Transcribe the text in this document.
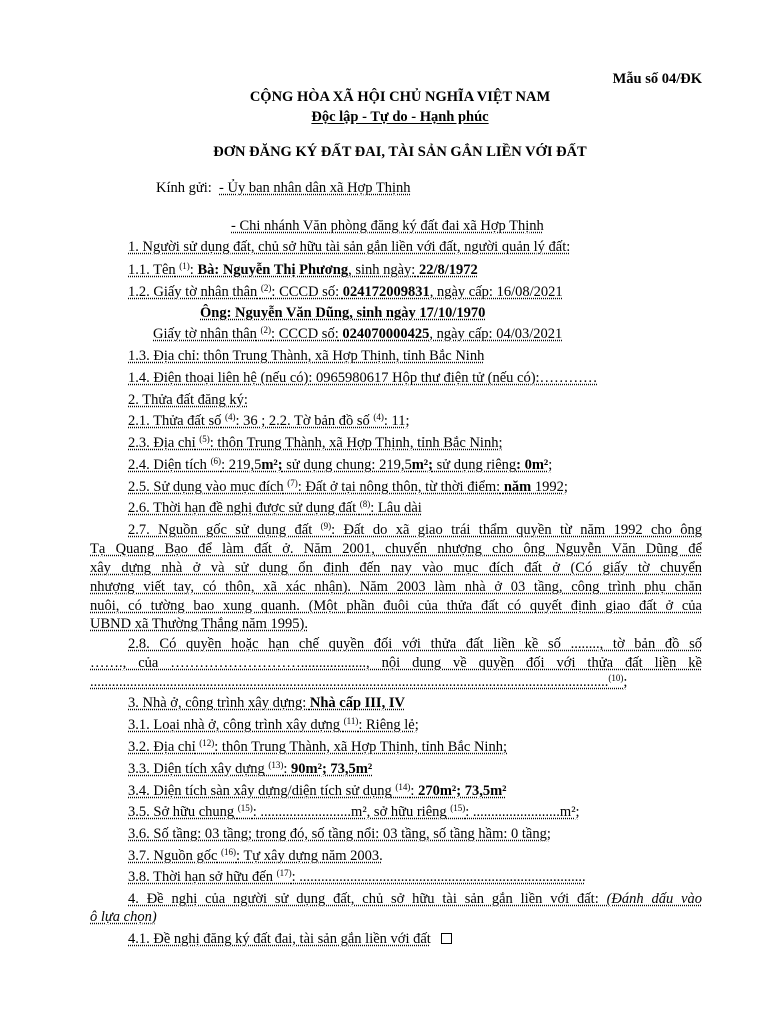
Mẫu số 04/ĐK
CỘNG HÒA XÃ HỘI CHỦ NGHĨA VIỆT NAM
Độc lập - Tự do - Hạnh phúc
ĐƠN ĐĂNG KÝ ĐẤT ĐAI, TÀI SẢN GẮN LIỀN VỚI ĐẤT
Kính gửi: - Ủy ban nhân dân xã Hợp Thịnh
- Chi nhánh Văn phòng đăng ký đất đai xã Hợp Thịnh
1. Người sử dụng đất, chủ sở hữu tài sản gắn liền với đất, người quản lý đất:
1.1. Tên $^{(1)}$: Bà: Nguyễn Thị Phương, sinh ngày: 22/8/1972
1.2. Giấy tờ nhân thân $^{(2)}$: CCCD số: 024172009831, ngày cấp: 16/08/2021
Ông: Nguyễn Văn Dũng, sinh ngày 17/10/1970
Giấy tờ nhân thân $^{(2)}$: CCCD số: 024070000425, ngày cấp: 04/03/2021
1.3. Địa chỉ: thôn Trung Thành, xã Hợp Thịnh, tỉnh Bắc Ninh
1.4. Điện thoại liên hệ (nếu có): 0965980617 Hộp thư điện tử (nếu có):…………
2. Thửa đất đăng ký:
2.1. Thửa đất số $^{(4)}$: 36 ; 2.2. Tờ bản đồ số $^{(4)}$: 11;
2.3. Địa chỉ $^{(5)}$: thôn Trung Thành, xã Hợp Thịnh, tỉnh Bắc Ninh;
2.4. Diện tích $^{(6)}$: 219,5m²; sử dụng chung: 219,5m²; sử dụng riêng: 0m²;
2.5. Sử dụng vào mục đích $^{(7)}$: Đất ở tại nông thôn, từ thời điểm: năm 1992;
2.6. Thời hạn đề nghị được sử dụng đất $^{(8)}$: Lâu dài
2.7. Nguồn gốc sử dụng đất $^{(9)}$: Đất do xã giao trái thẩm quyền từ năm 1992 cho ông
Tạ Quang Bạo để làm đất ở. Năm 2001, chuyển nhượng cho ông Nguyễn Văn Dũng để
xây dựng nhà ở và sử dụng ổn định đến nay vào mục đích đất ở (Có giấy tờ chuyển
nhượng viết tay, có thôn, xã xác nhận). Năm 2003 làm nhà ở 03 tầng, công trình phụ chăn
nuôi, có tường bao xung quanh. (Một phần đuôi của thửa đất có quyết định giao đất ở của
UBND xã Thường Thắng năm 1995).
2.8. Có quyền hoặc hạn chế quyền đối với thửa đất liền kề số ........, tờ bản đồ số
……., của ……………………….................., nội dung về quyền đối với thửa đất liền kề
...............................................................................................................................................$^{(10)}$;
3. Nhà ở, công trình xây dựng: Nhà cấp III, IV
3.1. Loại nhà ở, công trình xây dựng $^{(11)}$: Riêng lẻ;
3.2. Địa chỉ $^{(12)}$: thôn Trung Thành, xã Hợp Thịnh, tỉnh Bắc Ninh;
3.3. Diện tích xây dựng $^{(13)}$: 90m²; 73,5m²
3.4. Diện tích sàn xây dựng/diện tích sử dụng $^{(14)}$: 270m²; 73,5m²
3.5. Sở hữu chung $^{(15)}$: .........................m², sở hữu riêng $^{(15)}$: ........................m²;
3.6. Số tầng: 03 tầng; trong đó, số tầng nổi: 03 tầng, số tầng hầm: 0 tầng;
3.7. Nguồn gốc $^{(16)}$: Tự xây dựng năm 2003.
3.8. Thời hạn sở hữu đến $^{(17)}$: ...............................................................................
4. Đề nghị của người sử dụng đất, chủ sở hữu tài sản gắn liền với đất: (Đánh dấu vào
ô lựa chọn)
4.1. Đề nghị đăng ký đất đai, tài sản gắn liền với đất
